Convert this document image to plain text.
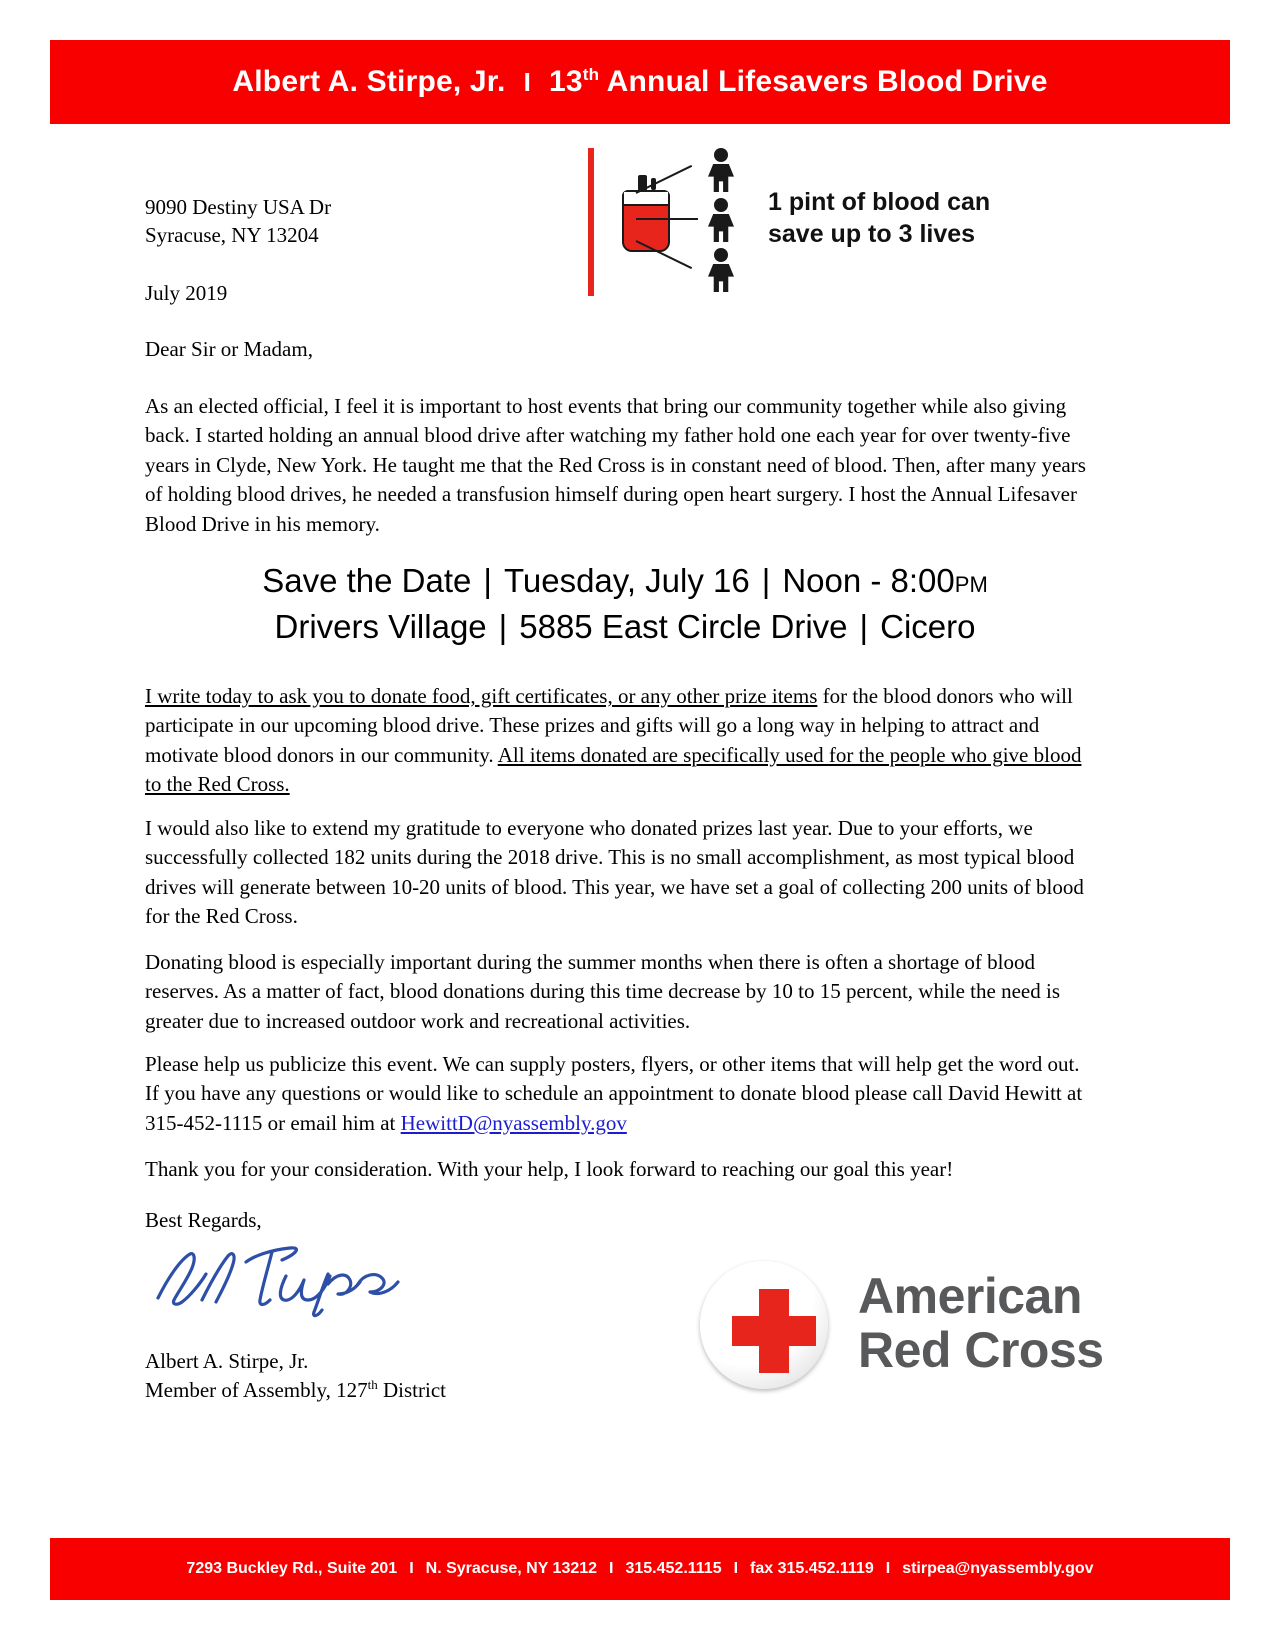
Albert A. Stirpe, Jr. I 13th Annual Lifesavers Blood Drive
9090 Destiny USA Dr
Syracuse, NY 13204
July 2019
Dear Sir or Madam,
1 pint of blood can
save up to 3 lives
As an elected official, I feel it is important to host events that bring our community together while also giving back. I started holding an annual blood drive after watching my father hold one each year for over twenty-five years in Clyde, New York. He taught me that the Red Cross is in constant need of blood. Then, after many years of holding blood drives, he needed a transfusion himself during open heart surgery. I host the Annual Lifesaver Blood Drive in his memory.
Save the Date | Tuesday, July 16 | Noon - 8:00PM
Drivers Village | 5885 East Circle Drive | Cicero
I write today to ask you to donate food, gift certificates, or any other prize items for the blood donors who will participate in our upcoming blood drive. These prizes and gifts will go a long way in helping to attract and motivate blood donors in our community. All items donated are specifically used for the people who give blood to the Red Cross.
I would also like to extend my gratitude to everyone who donated prizes last year. Due to your efforts, we successfully collected 182 units during the 2018 drive. This is no small accomplishment, as most typical blood drives will generate between 10-20 units of blood. This year, we have set a goal of collecting 200 units of blood for the Red Cross.
Donating blood is especially important during the summer months when there is often a shortage of blood reserves. As a matter of fact, blood donations during this time decrease by 10 to 15 percent, while the need is greater due to increased outdoor work and recreational activities.
Please help us publicize this event. We can supply posters, flyers, or other items that will help get the word out. If you have any questions or would like to schedule an appointment to donate blood please call David Hewitt at 315-452-1115 or email him at HewittD@nyassembly.gov
Thank you for your consideration. With your help, I look forward to reaching our goal this year!
Best Regards,
Albert A. Stirpe, Jr.
Member of Assembly, 127th District
American
Red Cross
7293 Buckley Rd., Suite 201 I N. Syracuse, NY 13212 I 315.452.1115 I fax 315.452.1119 I stirpea@nyassembly.gov
